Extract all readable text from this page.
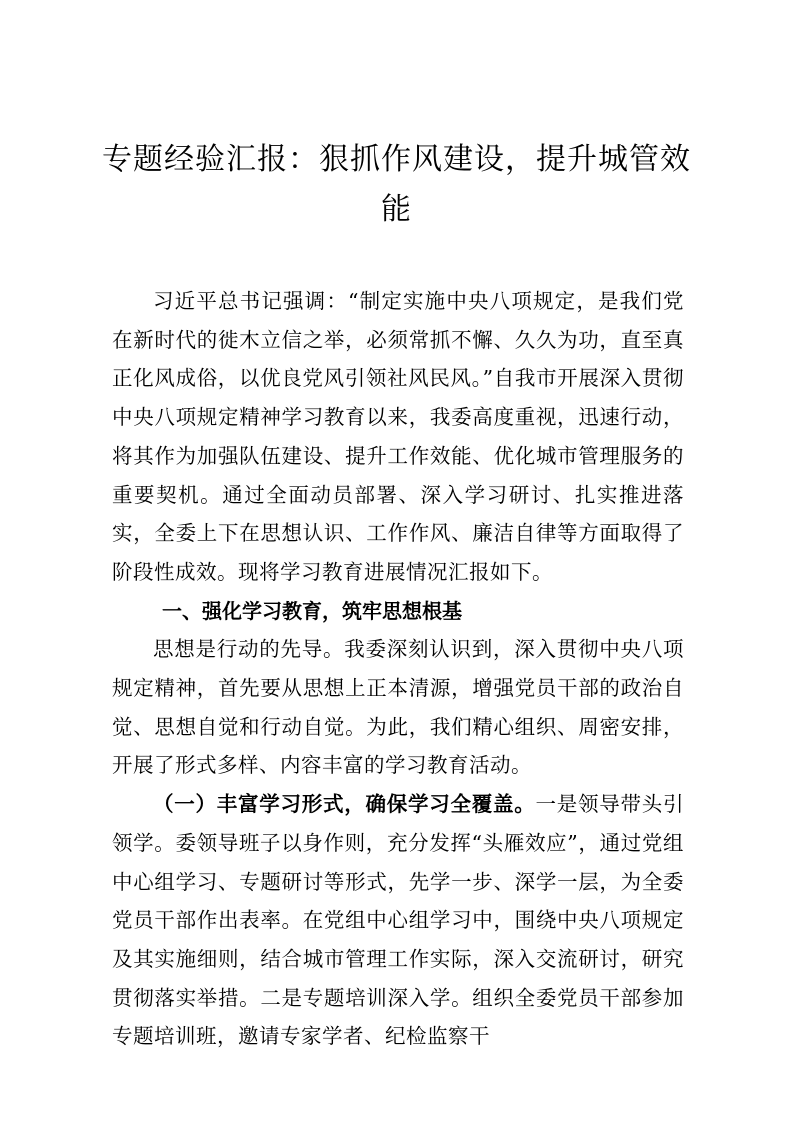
专题经验汇报：狠抓作风建设，提升城管效能

习近平总书记强调：“制定实施中央八项规定，是我们党在新时代的徙木立信之举，必须常抓不懈、久久为功，直至真正化风成俗，以优良党风引领社风民风。”自我市开展深入贯彻中央八项规定精神学习教育以来，我委高度重视，迅速行动，将其作为加强队伍建设、提升工作效能、优化城市管理服务的重要契机。通过全面动员部署、深入学习研讨、扎实推进落实，全委上下在思想认识、工作作风、廉洁自律等方面取得了阶段性成效。现将学习教育进展情况汇报如下。

一、强化学习教育，筑牢思想根基

思想是行动的先导。我委深刻认识到，深入贯彻中央八项规定精神，首先要从思想上正本清源，增强党员干部的政治自觉、思想自觉和行动自觉。为此，我们精心组织、周密安排，开展了形式多样、内容丰富的学习教育活动。

（一）丰富学习形式，确保学习全覆盖。一是领导带头引领学。委领导班子以身作则，充分发挥“头雁效应”，通过党组中心组学习、专题研讨等形式，先学一步、深学一层，为全委党员干部作出表率。在党组中心组学习中，围绕中央八项规定及其实施细则，结合城市管理工作实际，深入交流研讨，研究贯彻落实举措。二是专题培训深入学。组织全委党员干部参加专题培训班，邀请专家学者、纪检监察干
